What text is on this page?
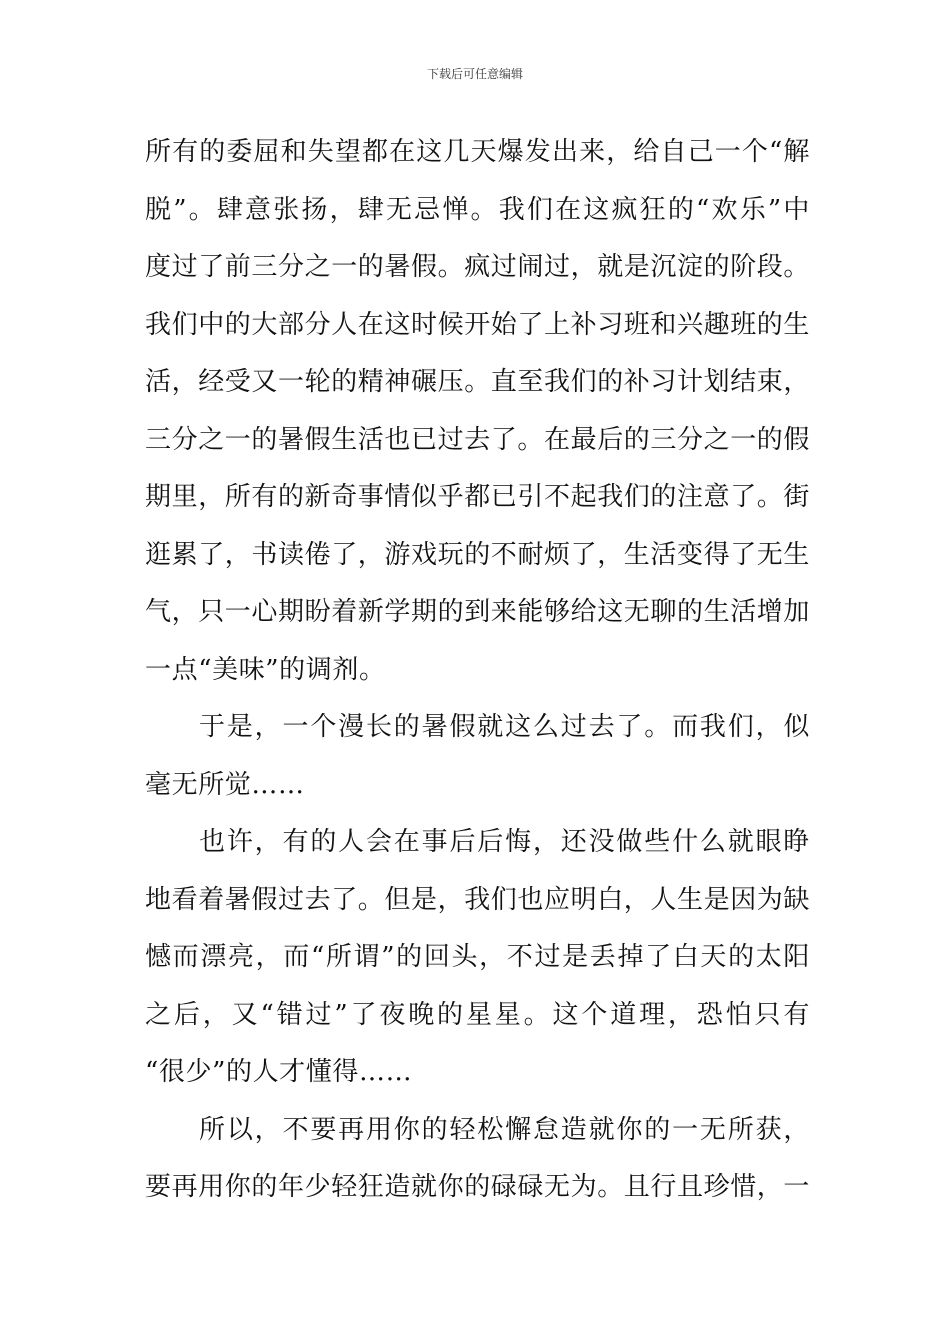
下载后可任意编辑
所有的委屈和失望都在这几天爆发出来，给自己一个“解
脱”。肆意张扬，肆无忌惮。我们在这疯狂的“欢乐”中
度过了前三分之一的暑假。疯过闹过，就是沉淀的阶段。
我们中的大部分人在这时候开始了上补习班和兴趣班的生
活，经受又一轮的精神碾压。直至我们的补习计划结束，
三分之一的暑假生活也已过去了。在最后的三分之一的假
期里，所有的新奇事情似乎都已引不起我们的注意了。街
逛累了，书读倦了，游戏玩的不耐烦了，生活变得了无生
气，只一心期盼着新学期的到来能够给这无聊的生活增加
一点“美味”的调剂。
于是，一个漫长的暑假就这么过去了。而我们，似
毫无所觉……
也许，有的人会在事后后悔，还没做些什么就眼睁
地看着暑假过去了。但是，我们也应明白，人生是因为缺
憾而漂亮，而“所谓”的回头，不过是丢掉了白天的太阳
之后，又“错过”了夜晚的星星。这个道理，恐怕只有
“很少”的人才懂得……
所以，不要再用你的轻松懈怠造就你的一无所获，
要再用你的年少轻狂造就你的碌碌无为。且行且珍惜，一
